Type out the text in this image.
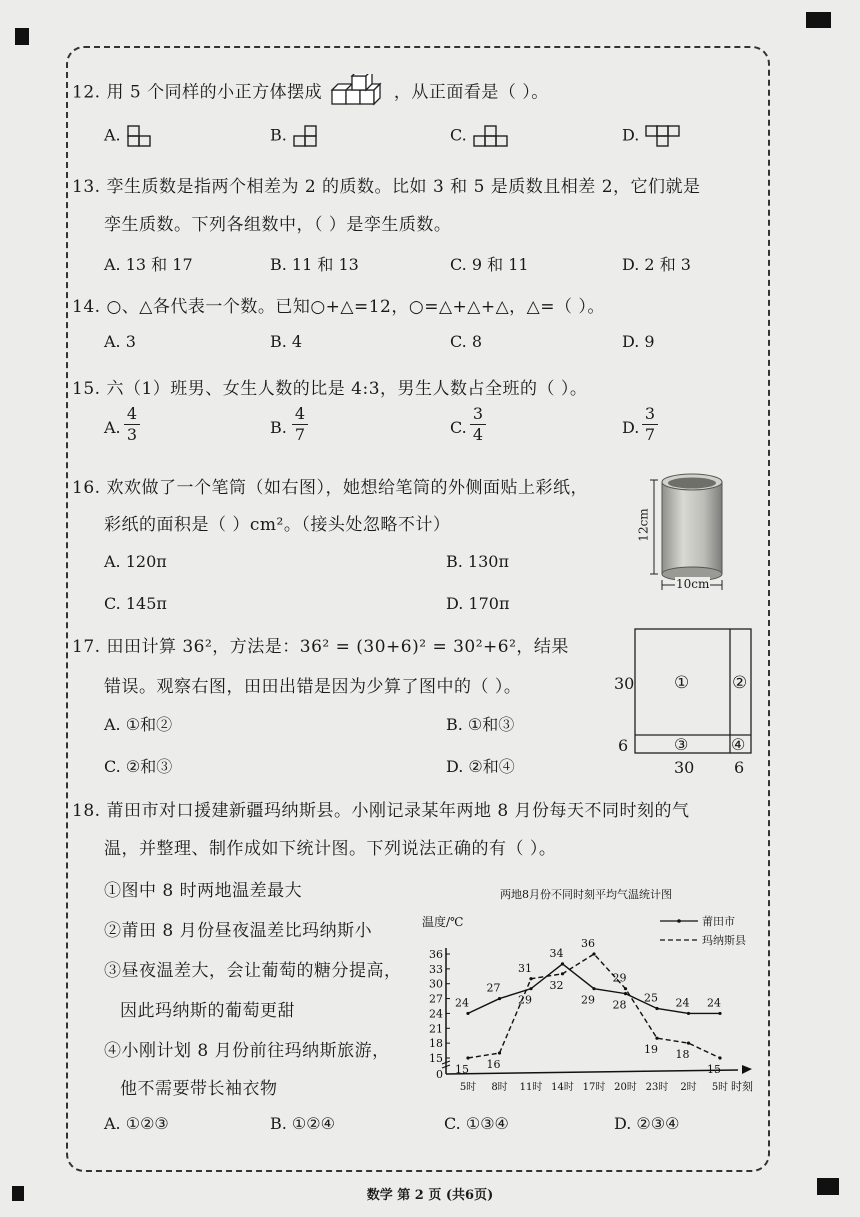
12. 用 5 个同样的小正方体摆成	，从正面看是（ ）。
A.	B.	C.	D.
13. 孪生质数是指两个相差为 2 的质数。比如 3 和 5 是质数且相差 2，它们就是
孪生质数。下列各组数中，（ ）是孪生质数。
A. 13 和 17	B. 11 和 13	C. 9 和 11	D. 2 和 3
14. ○、△各代表一个数。已知○+△=12，○=△+△+△，△=（ ）。
A. 3	B. 4	C. 8	D. 9
15. 六（1）班男、女生人数的比是 4:3，男生人数占全班的（ ）。
A.
4
3	B.
4
7	C.
3
4	D.
3
7
16. 欢欢做了一个笔筒（如右图），她想给笔筒的外侧面贴上彩纸，
彩纸的面积是（ ）cm²。（接头处忽略不计）
A. 120π	B. 130π
C. 145π	D. 170π
12cm
10cm
17. 田田计算 36²，方法是：36² = (30+6)² = 30²+6²，结果
错误。观察右图，田田出错是因为少算了图中的（ ）。
A. ①和②	B. ①和③
C. ②和③	D. ②和④
①	②
③	④
30
6
30 6
18. 莆田市对口援建新疆玛纳斯县。小刚记录某年两地 8 月份每天不同时刻的气
温，并整理、制作成如下统计图。下列说法正确的有（ ）。
①图中 8 时两地温差最大
②莆田 8 月份昼夜温差比玛纳斯小
③昼夜温差大，会让葡萄的糖分提高，
因此玛纳斯的葡萄更甜
④小刚计划 8 月份前往玛纳斯旅游，
他不需要带长袖衣物
A. ①②③	B. ①②④	C. ①③④	D. ②③④
两地8月份不同时刻平均气温统计图
温度/℃
0
15
18
21
24
27
30
33
36
5时 8时 11时 14时 17时 20时 23时 2时 5时 时刻
莆田市
玛纳斯县
24
27
29
34
29 28
25 24 24
15 16
31
32
36
29
19 18
15
数学 第 2 页 (共6页)
